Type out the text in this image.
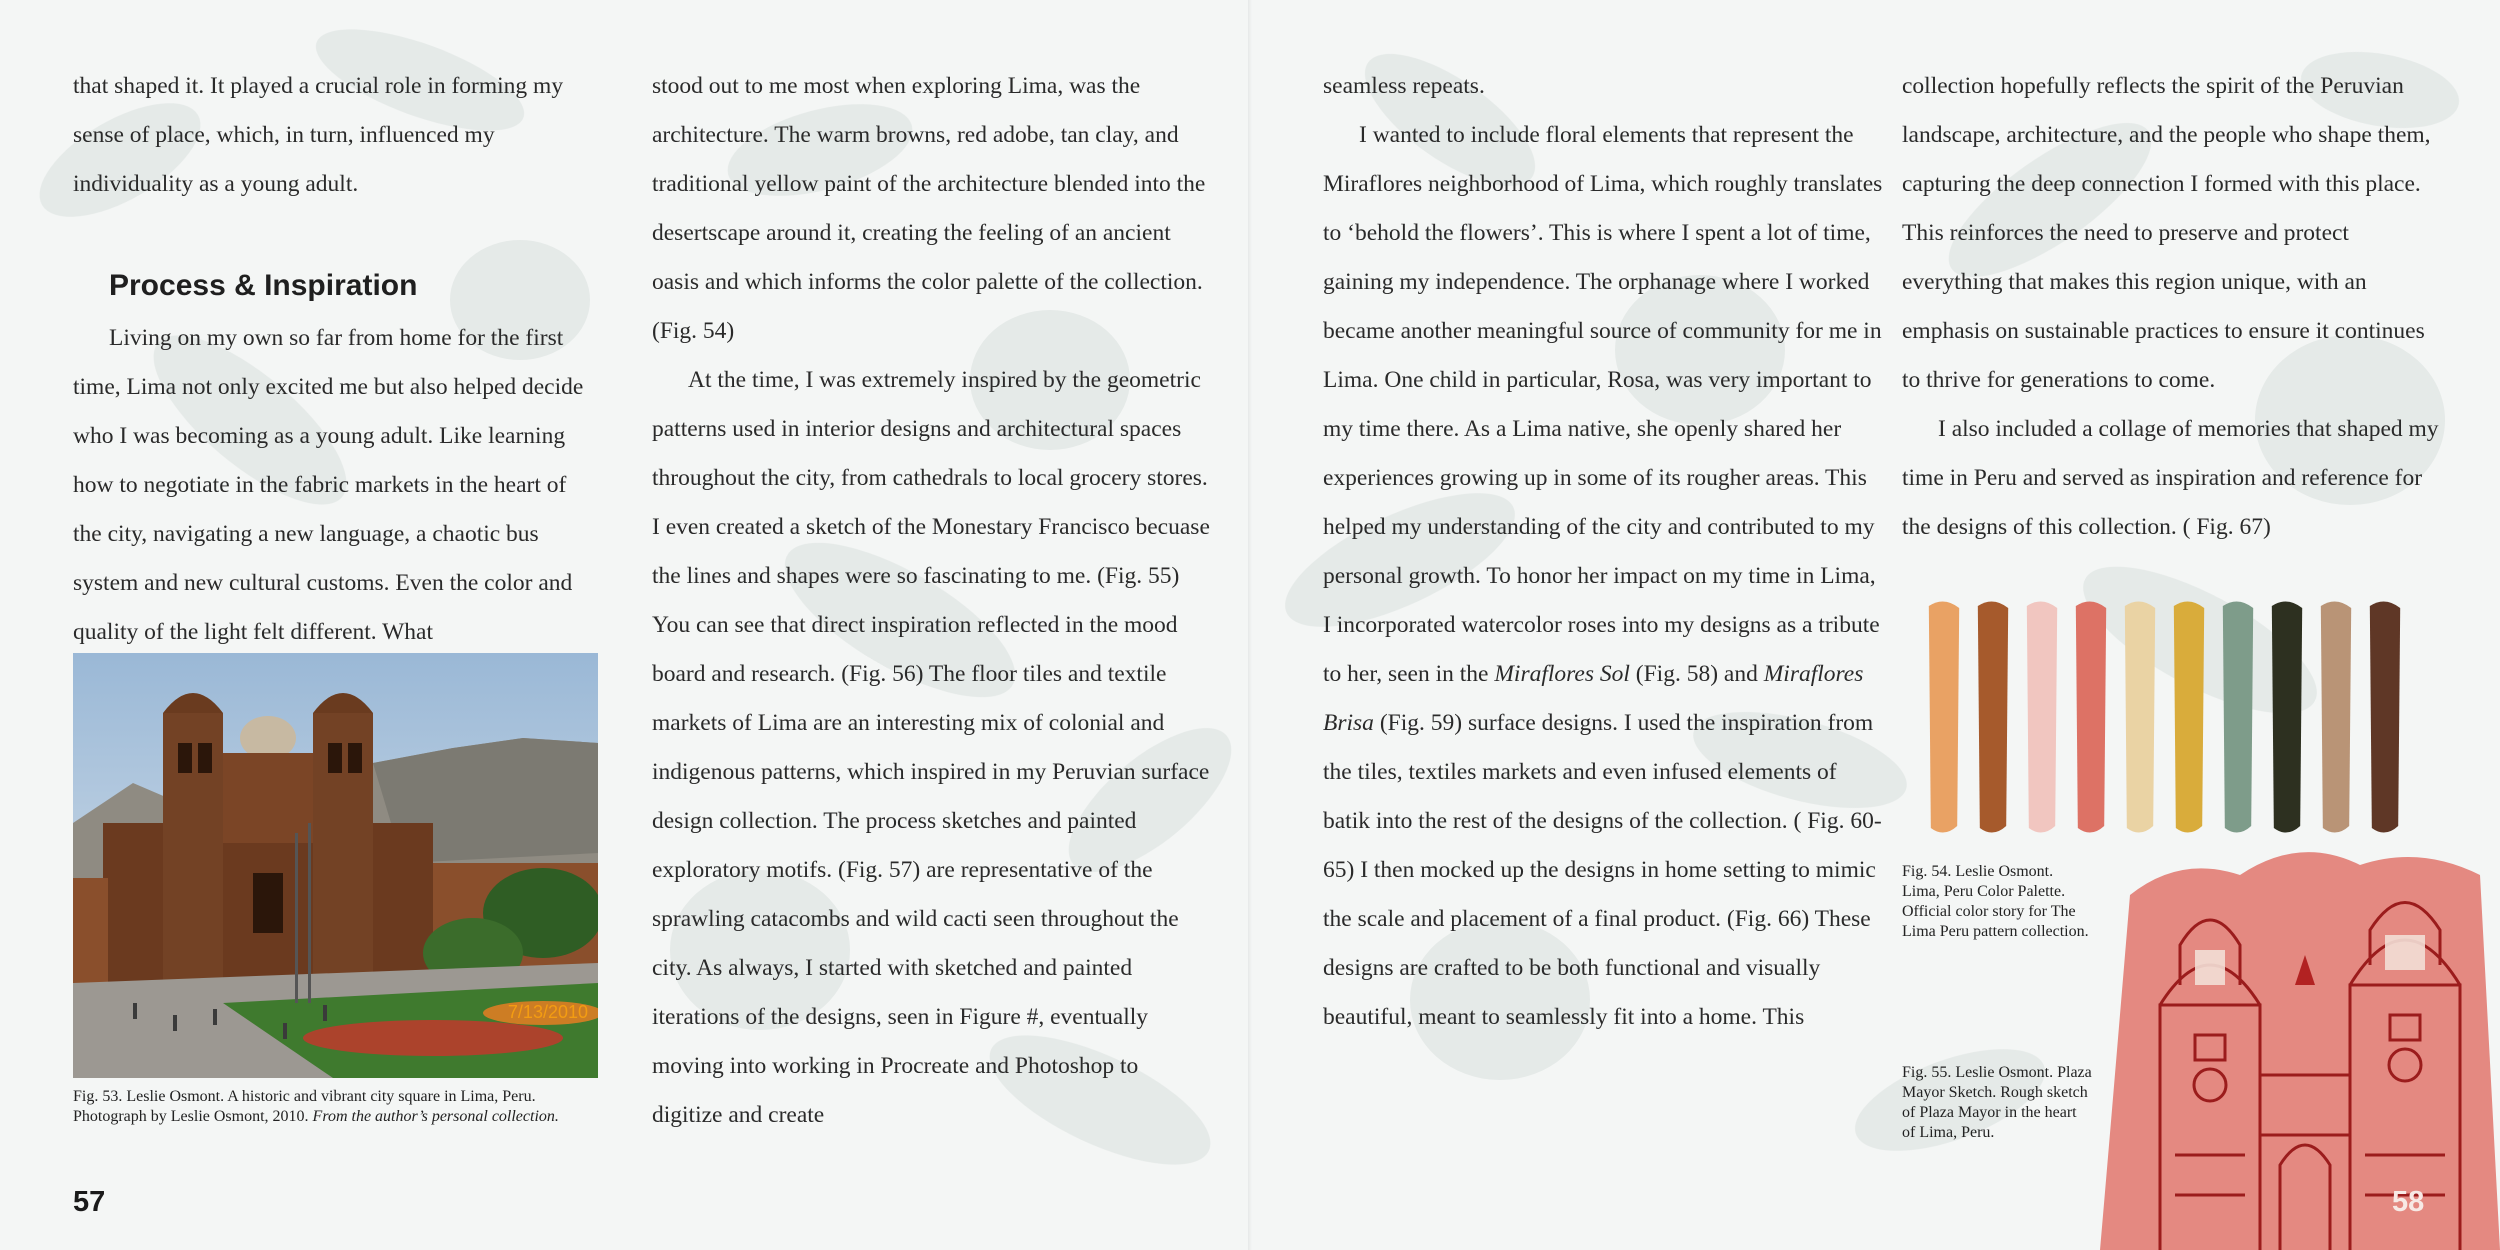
that shaped it. It played a crucial role in forming my sense of place, which, in turn, influenced my individuality as a young adult.

Process & Inspiration

Living on my own so far from home for the first time, Lima not only excited me but also helped decide who I was becoming as a young adult. Like learning how to negotiate in the fabric markets in the heart of the city, navigating a new language, a chaotic bus system and new cultural customs. Even the color and quality of the light felt different. What

7/13/2010
Fig. 53. Leslie Osmont. A historic and vibrant city square in Lima, Peru. Photograph by Leslie Osmont, 2010. From the author’s personal collection.
57

stood out to me most when exploring Lima, was the architecture. The warm browns, red adobe, tan clay, and traditional yellow paint of the architecture blended into the desertscape around it, creating the feeling of an ancient oasis and which informs the color palette of the collection. (Fig. 54)

At the time, I was extremely inspired by the geometric patterns used in interior designs and architectural spaces throughout the city, from cathedrals to local grocery stores. I even created a sketch of the Monestary Francisco becuase the lines and shapes were so fascinating to me. (Fig. 55) You can see that direct inspiration reflected in the mood board and research. (Fig. 56) The floor tiles and textile markets of Lima are an interesting mix of colonial and indigenous patterns, which inspired in my Peruvian surface design collection. The process sketches and painted exploratory motifs. (Fig. 57) are representative of the sprawling catacombs and wild cacti seen throughout the city. As always, I started with sketched and painted iterations of the designs, seen in Figure #, eventually moving into working in Procreate and Photoshop to digitize and create

seamless repeats.

I wanted to include floral elements that represent the Miraflores neighborhood of Lima, which roughly translates to ‘behold the flowers’. This is where I spent a lot of time, gaining my independence. The orphanage where I worked became another meaningful source of community for me in Lima. One child in particular, Rosa, was very important to my time there. As a Lima native, she openly shared her experiences growing up in some of its rougher areas. This helped my understanding of the city and contributed to my personal growth. To honor her impact on my time in Lima, I incorporated watercolor roses into my designs as a tribute to her, seen in the Miraflores Sol (Fig. 58) and Miraflores Brisa (Fig. 59) surface designs. I used the inspiration from the tiles, textiles markets and even infused elements of batik into the rest of the designs of the collection. ( Fig. 60-65) I then mocked up the designs in home setting to mimic the scale and placement of a final product. (Fig. 66) These designs are crafted to be both functional and visually beautiful, meant to seamlessly fit into a home. This

collection hopefully reflects the spirit of the Peruvian landscape, architecture, and the people who shape them, capturing the deep connection I formed with this place. This reinforces the need to preserve and protect everything that makes this region unique, with an emphasis on sustainable practices to ensure it continues to thrive for generations to come.

I also included a collage of memories that shaped my time in Peru and served as inspiration and reference for the designs of this collection. ( Fig. 67)

Fig. 54. Leslie Osmont. Lima, Peru Color Palette. Official color story for The Lima Peru pattern collection.
Fig. 55. Leslie Osmont. Plaza Mayor Sketch. Rough sketch of Plaza Mayor in the heart of Lima, Peru.
58
